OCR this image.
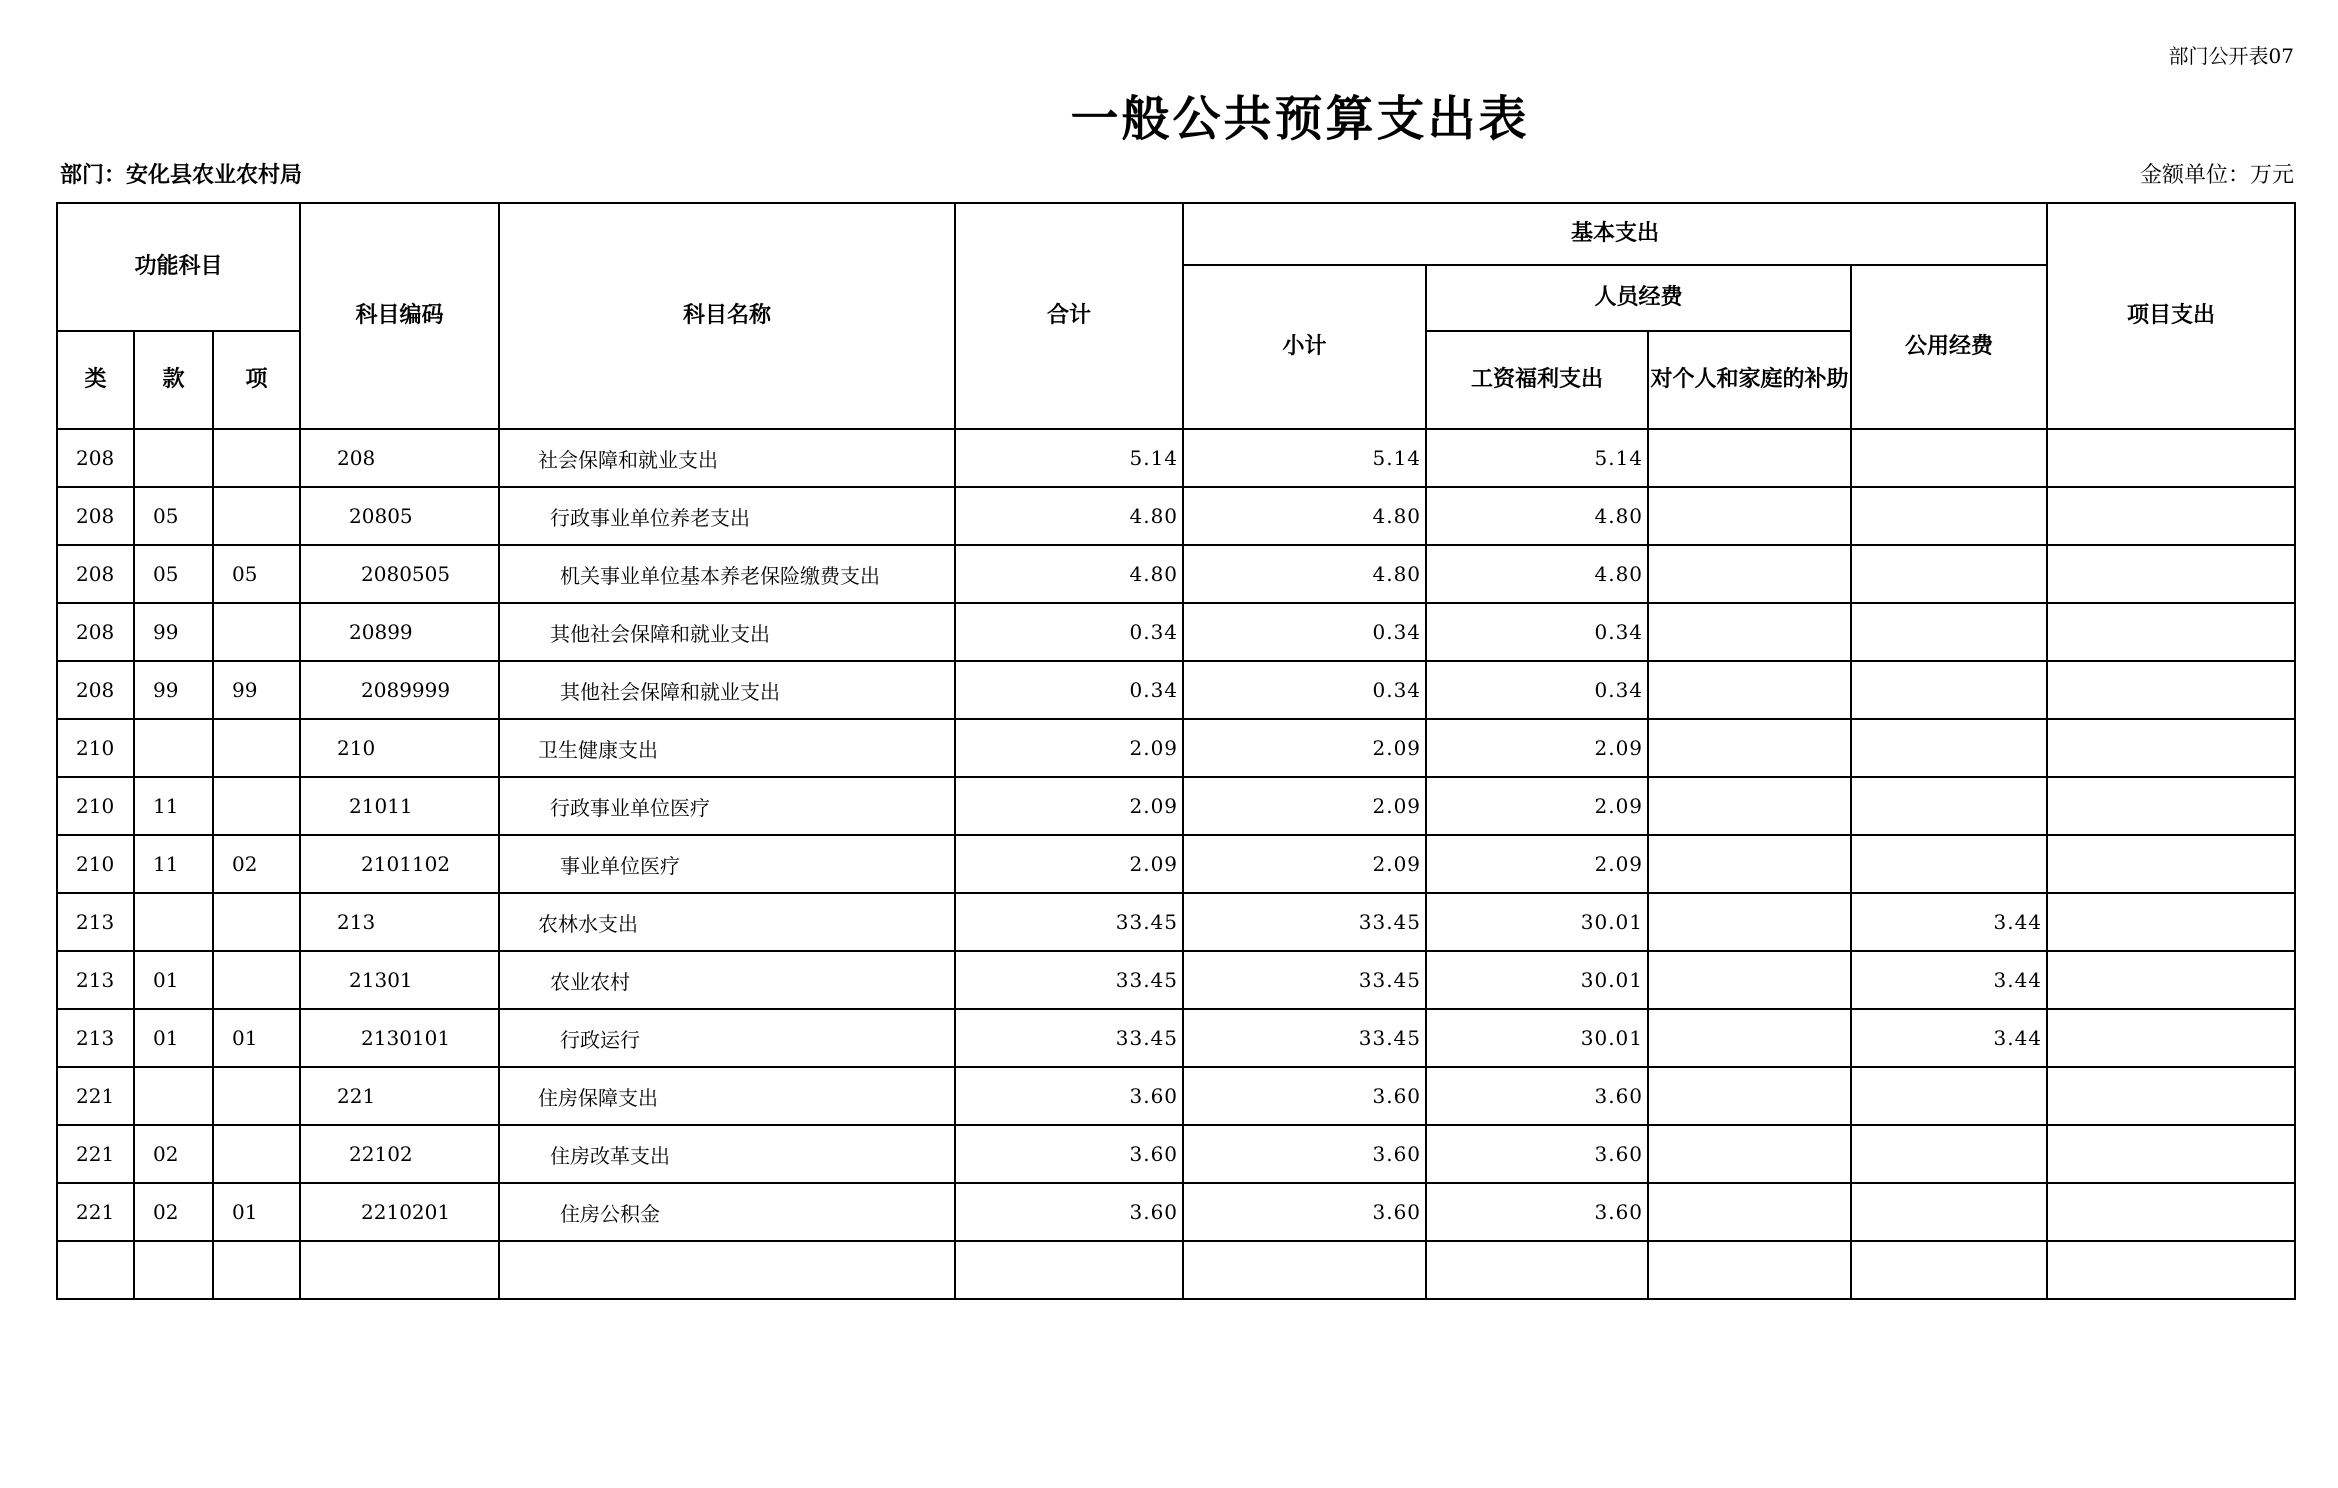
部门公开表07
一般公共预算支出表
部门：安化县农业农村局	金额单位：万元
功能科目			科目编码	科目名称	合计	基本支出				项目支出
						小计	人员经费		公用经费	
类	款	项					工资福利支出	对个人和家庭的补助		
208			208	社会保障和就业支出	5.14	5.14	5.14			
208	05		20805	行政事业单位养老支出	4.80	4.80	4.80			
208	05	05	2080505	机关事业单位基本养老保险缴费支出	4.80	4.80	4.80			
208	99		20899	其他社会保障和就业支出	0.34	0.34	0.34			
208	99	99	2089999	其他社会保障和就业支出	0.34	0.34	0.34			
210			210	卫生健康支出	2.09	2.09	2.09			
210	11		21011	行政事业单位医疗	2.09	2.09	2.09			
210	11	02	2101102	事业单位医疗	2.09	2.09	2.09			
213			213	农林水支出	33.45	33.45	30.01		3.44	
213	01		21301	农业农村	33.45	33.45	30.01		3.44	
213	01	01	2130101	行政运行	33.45	33.45	30.01		3.44	
221			221	住房保障支出	3.60	3.60	3.60			
221	02		22102	住房改革支出	3.60	3.60	3.60			
221	02	01	2210201	住房公积金	3.60	3.60	3.60			
